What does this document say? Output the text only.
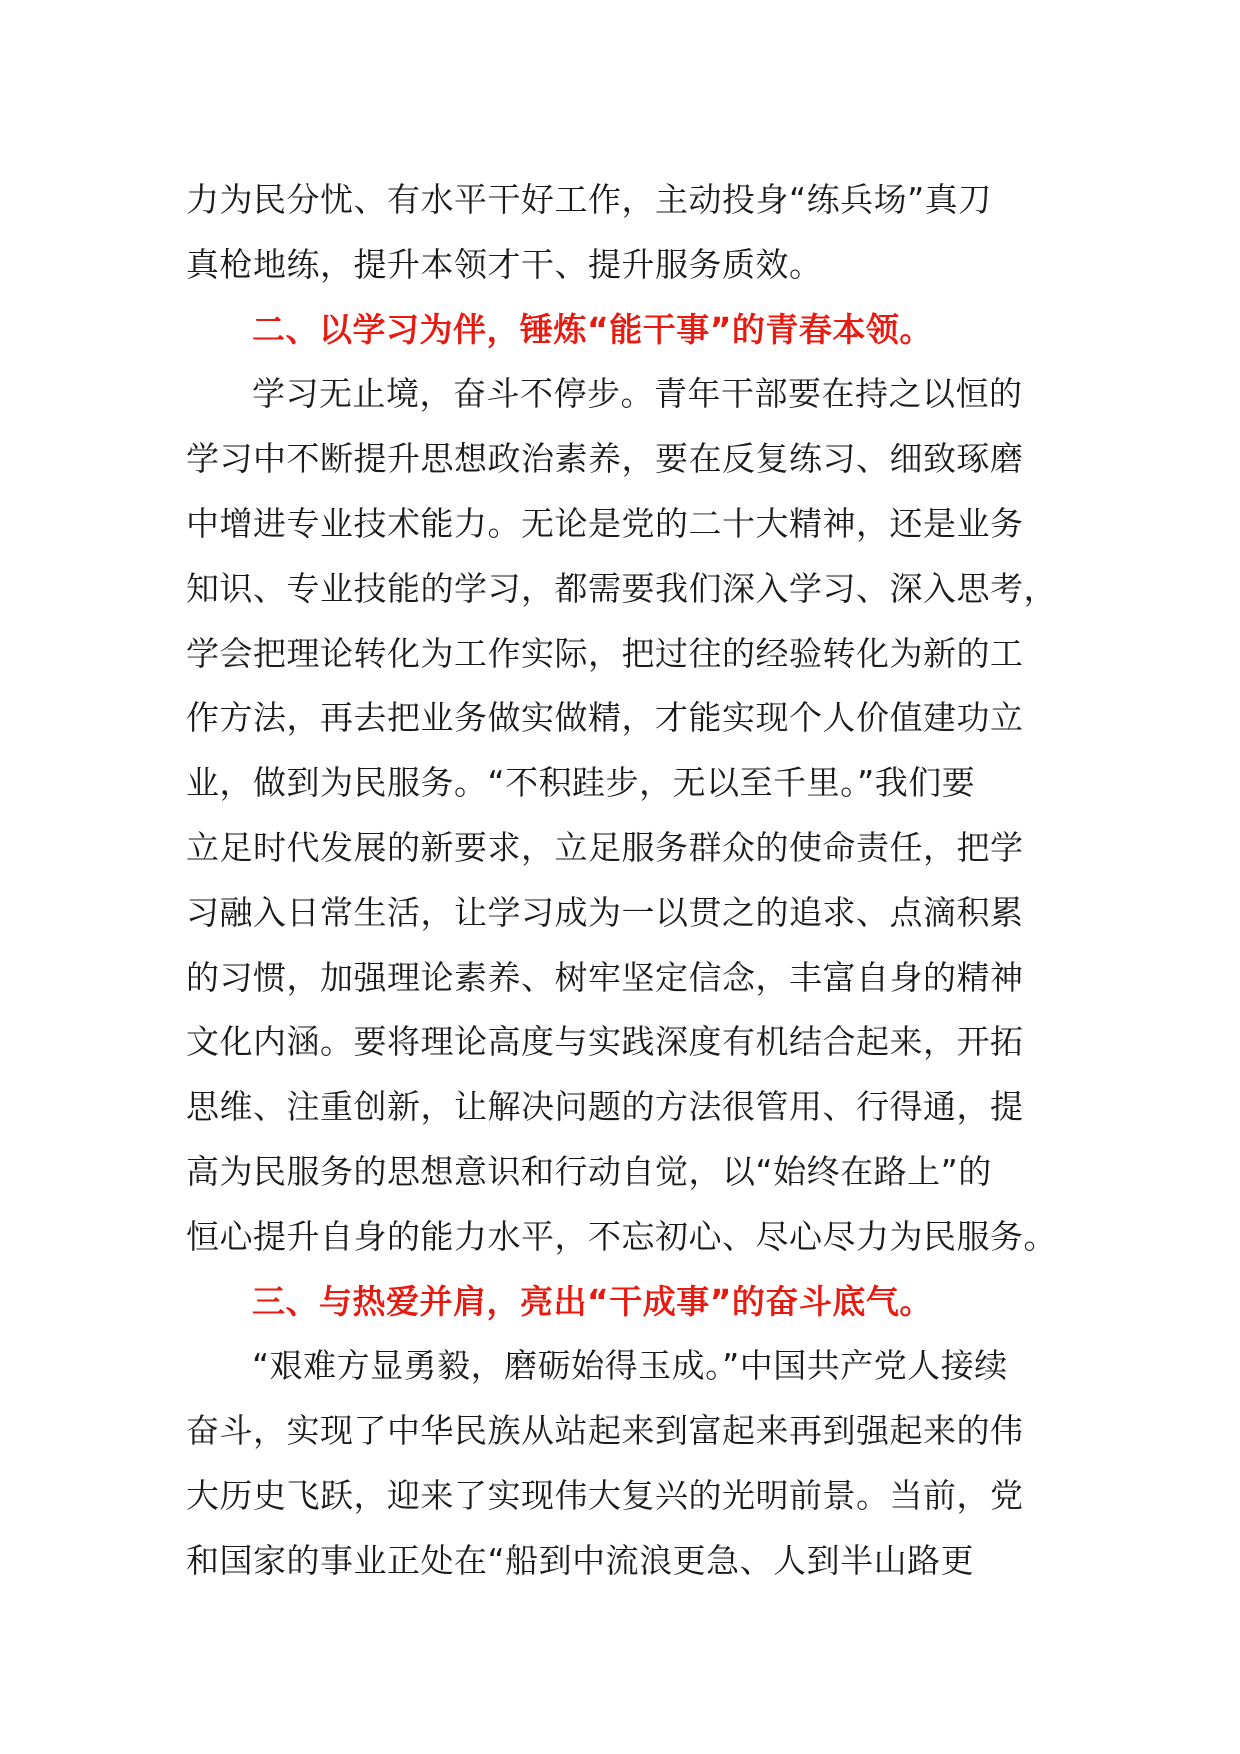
力为民分忧、有水平干好工作，主动投身“练兵场”真刀
真枪地练，提升本领才干、提升服务质效。
二、以学习为伴，锤炼“能干事”的青春本领。
学习无止境，奋斗不停步。青年干部要在持之以恒的
学习中不断提升思想政治素养，要在反复练习、细致琢磨
中增进专业技术能力。无论是党的二十大精神，还是业务
知识、专业技能的学习，都需要我们深入学习、深入思考，
学会把理论转化为工作实际，把过往的经验转化为新的工
作方法，再去把业务做实做精，才能实现个人价值建功立
业，做到为民服务。“不积跬步，无以至千里。”我们要
立足时代发展的新要求，立足服务群众的使命责任，把学
习融入日常生活，让学习成为一以贯之的追求、点滴积累
的习惯，加强理论素养、树牢坚定信念，丰富自身的精神
文化内涵。要将理论高度与实践深度有机结合起来，开拓
思维、注重创新，让解决问题的方法很管用、行得通，提
高为民服务的思想意识和行动自觉，以“始终在路上”的
恒心提升自身的能力水平，不忘初心、尽心尽力为民服务。
三、与热爱并肩，亮出“干成事”的奋斗底气。
“艰难方显勇毅，磨砺始得玉成。”中国共产党人接续
奋斗，实现了中华民族从站起来到富起来再到强起来的伟
大历史飞跃，迎来了实现伟大复兴的光明前景。当前，党
和国家的事业正处在“船到中流浪更急、人到半山路更
